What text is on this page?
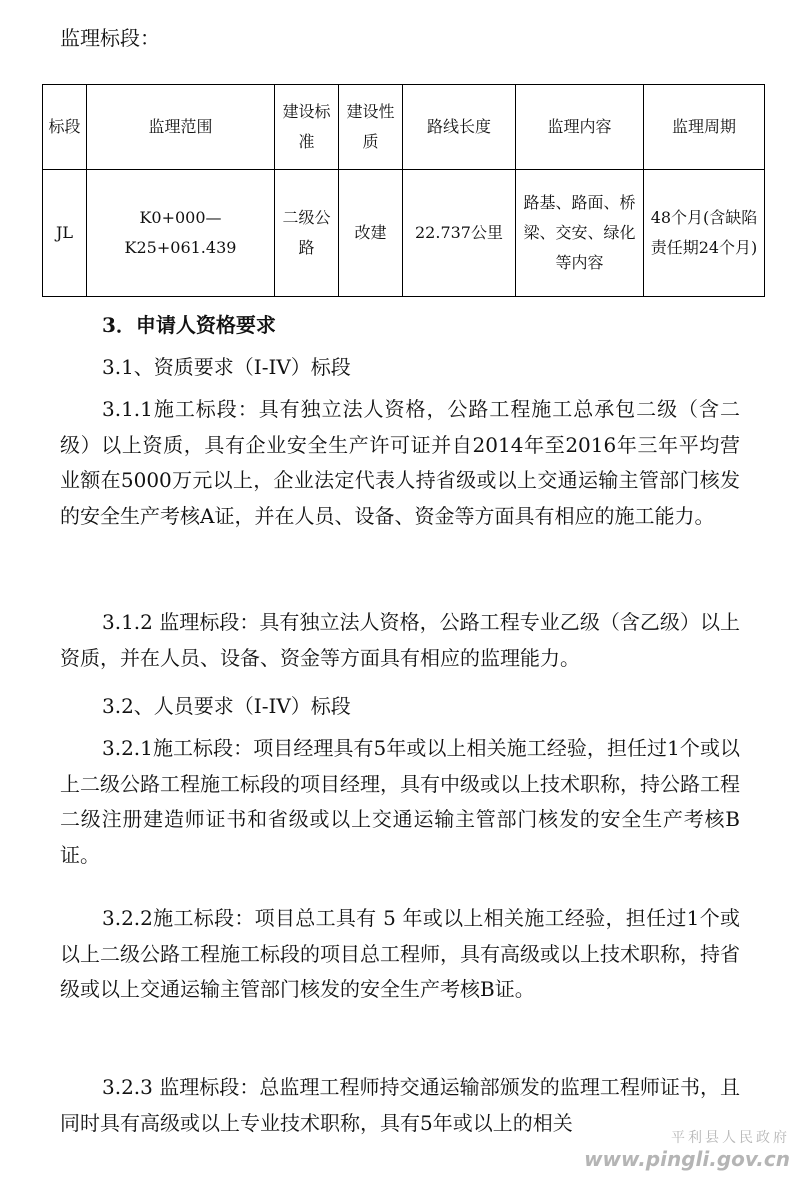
监理标段：
标段	监理范围	建设标准	建设性质	路线长度	监理内容	监理周期
JL	K0+000—K25+061.439	二级公路	改建	22.737公里	路基、路面、桥梁、交安、绿化等内容	48个月(含缺陷责任期24个月)

3．申请人资格要求

3.1、资质要求（I-IV）标段

3.1.1施工标段：具有独立法人资格，公路工程施工总承包二级（含二级）以上资质，具有企业安全生产许可证并自2014年至2016年三年平均营业额在5000万元以上，企业法定代表人持省级或以上交通运输主管部门核发的安全生产考核A证，并在人员、设备、资金等方面具有相应的施工能力。

3.1.2 监理标段：具有独立法人资格，公路工程专业乙级（含乙级）以上资质，并在人员、设备、资金等方面具有相应的监理能力。

3.2、人员要求（I-IV）标段

3.2.1施工标段：项目经理具有5年或以上相关施工经验，担任过1个或以上二级公路工程施工标段的项目经理，具有中级或以上技术职称，持公路工程二级注册建造师证书和省级或以上交通运输主管部门核发的安全生产考核B证。

3.2.2施工标段：项目总工具有 5 年或以上相关施工经验，担任过1个或以上二级公路工程施工标段的项目总工程师，具有高级或以上技术职称，持省级或以上交通运输主管部门核发的安全生产考核B证。

3.2.3 监理标段：总监理工程师持交通运输部颁发的监理工程师证书，且同时具有高级或以上专业技术职称，具有5年或以上的相关

平利县人民政府
www.pingli.gov.cn
